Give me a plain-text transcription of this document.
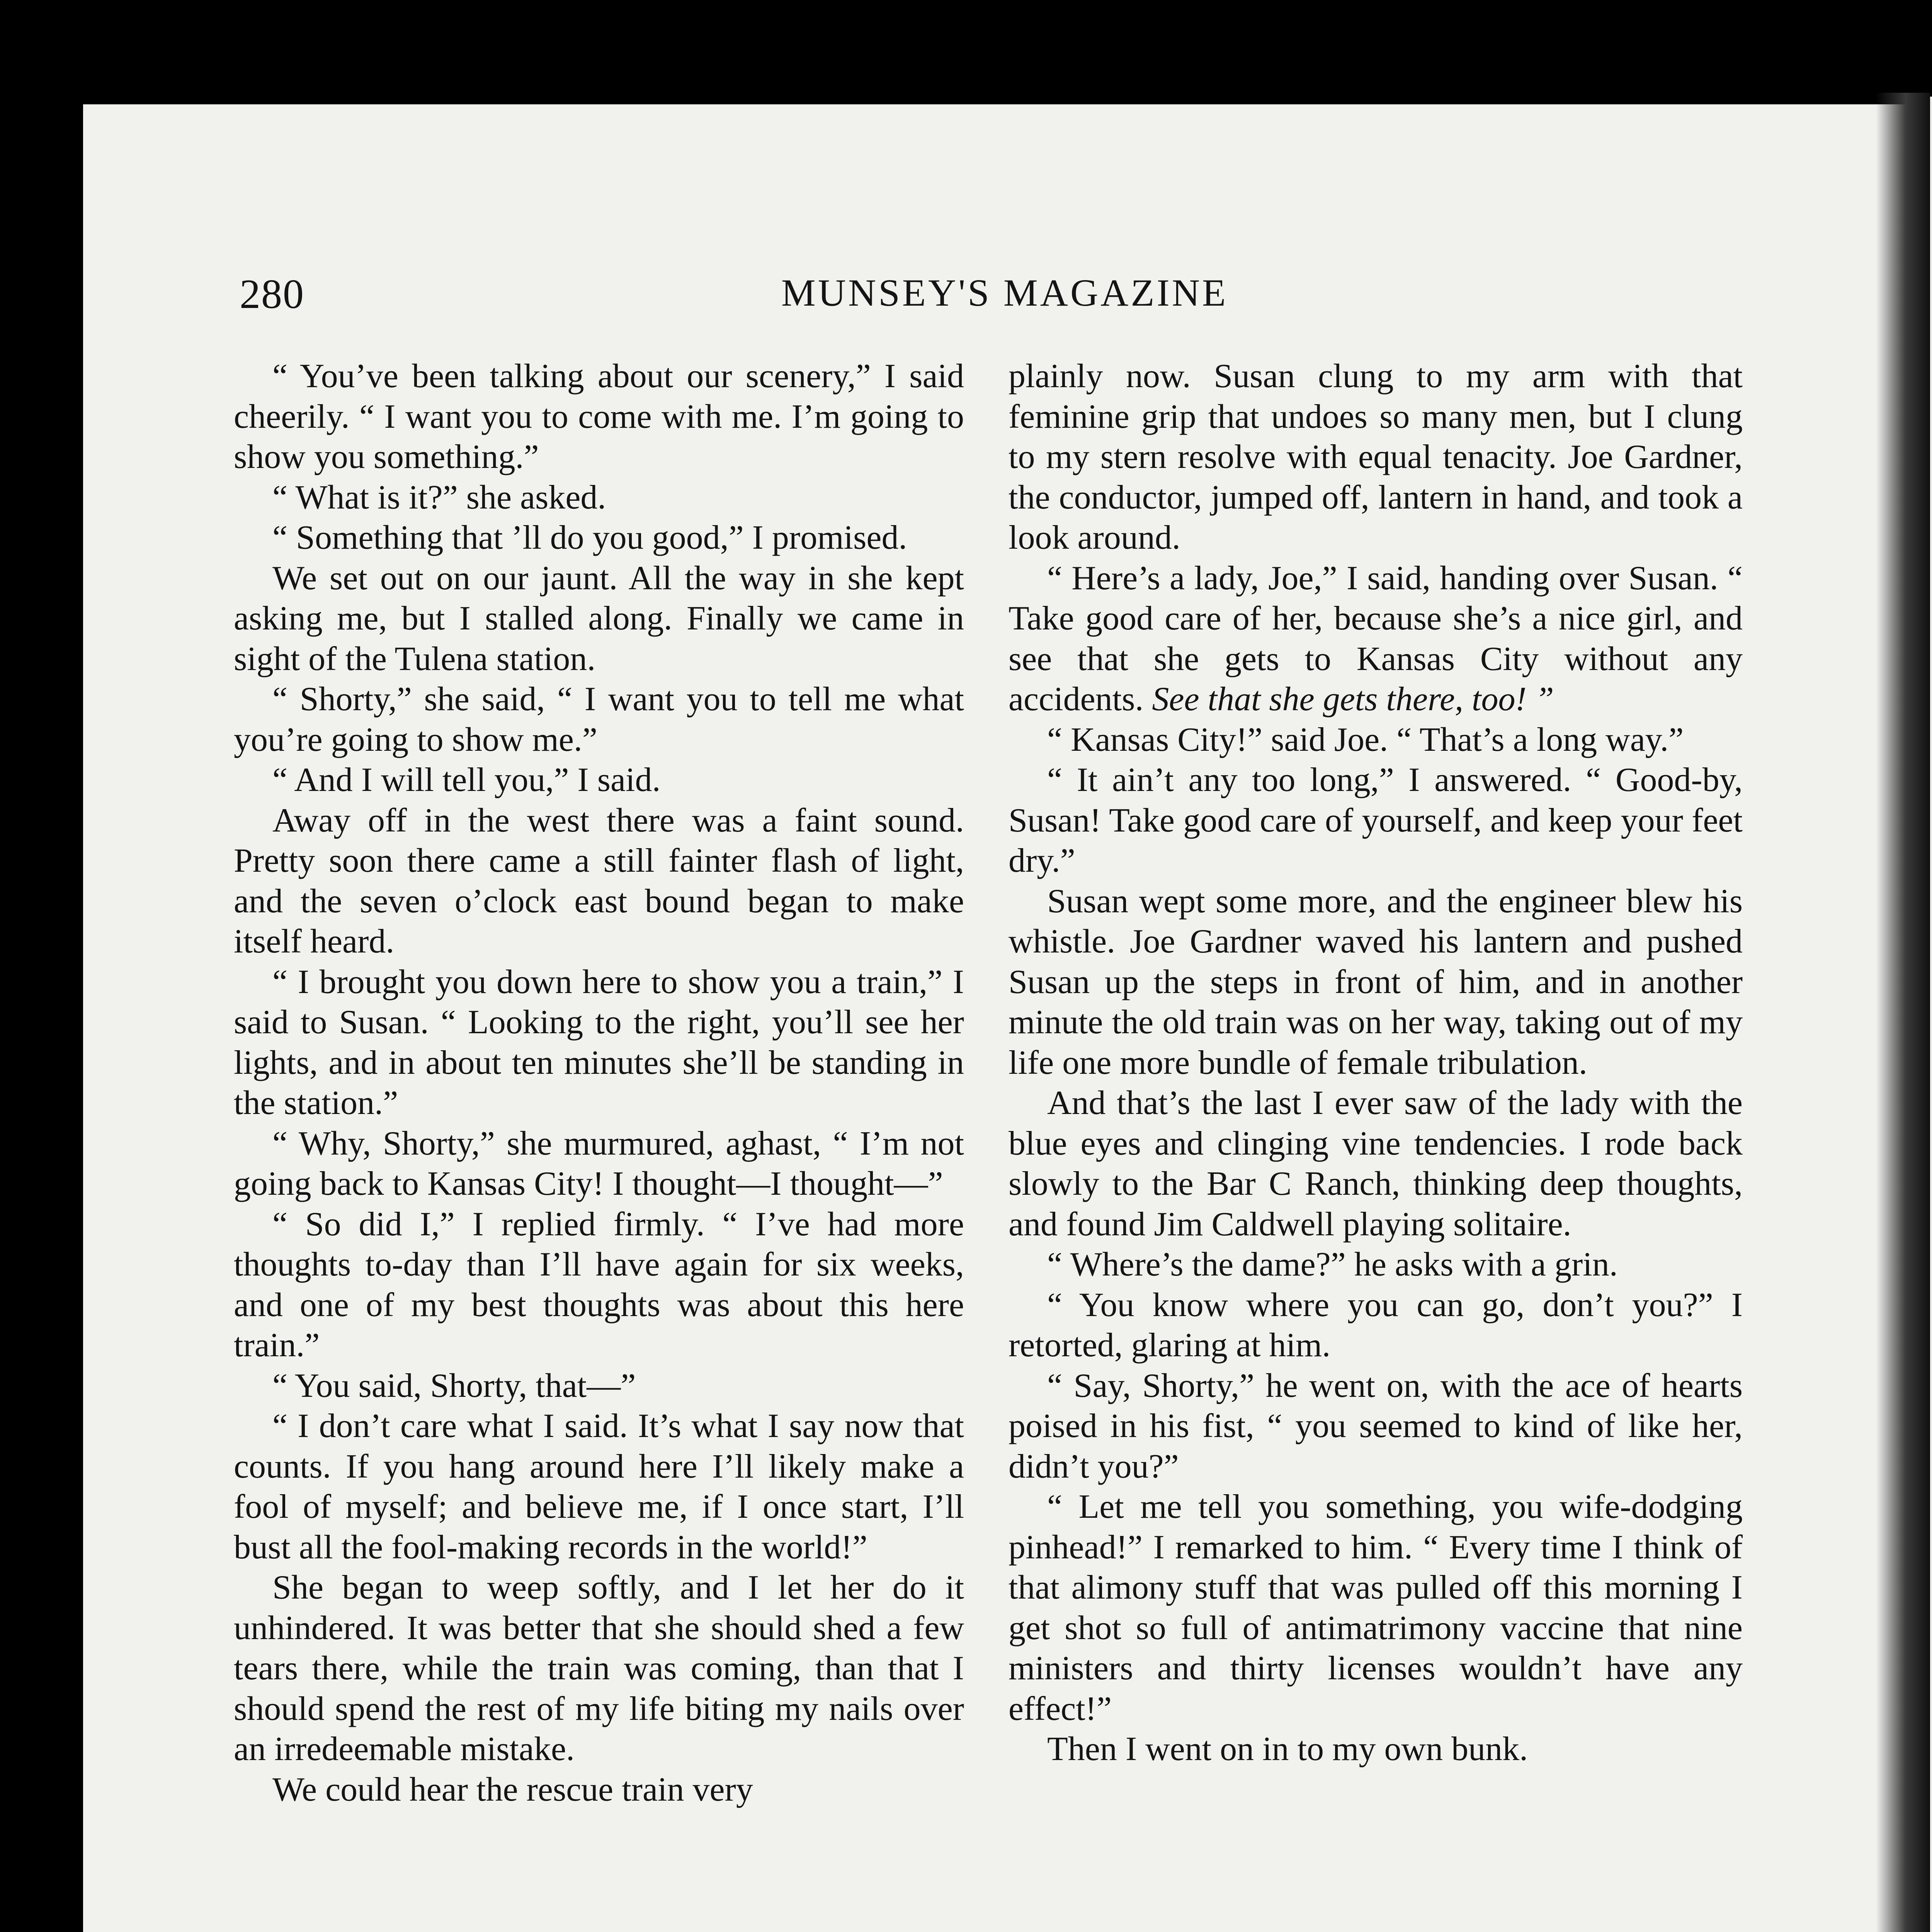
280	MUNSEY'S MAGAZINE

“ You’ve been talking about our scenery,” I said cheerily. “ I want you to come with me. I’m going to show you something.”

“ What is it?” she asked.

“ Something that ’ll do you good,” I promised.

We set out on our jaunt. All the way in she kept asking me, but I stalled along. Finally we came in sight of the Tulena station.

“ Shorty,” she said, “ I want you to tell me what you’re going to show me.”

“ And I will tell you,” I said.

Away off in the west there was a faint sound. Pretty soon there came a still fainter flash of light, and the seven o’clock east bound began to make itself heard.

“ I brought you down here to show you a train,” I said to Susan. “ Looking to the right, you’ll see her lights, and in about ten minutes she’ll be standing in the station.”

“ Why, Shorty,” she murmured, aghast, “ I’m not going back to Kansas City! I thought—I thought—”

“ So did I,” I replied firmly. “ I’ve had more thoughts to-day than I’ll have again for six weeks, and one of my best thoughts was about this here train.”

“ You said, Shorty, that—”

“ I don’t care what I said. It’s what I say now that counts. If you hang around here I’ll likely make a fool of myself; and believe me, if I once start, I’ll bust all the fool-making records in the world!”

She began to weep softly, and I let her do it unhindered. It was better that she should shed a few tears there, while the train was coming, than that I should spend the rest of my life biting my nails over an irredeemable mistake.

We could hear the rescue train very

plainly now. Susan clung to my arm with that feminine grip that undoes so many men, but I clung to my stern resolve with equal tenacity. Joe Gardner, the conductor, jumped off, lantern in hand, and took a look around.

“ Here’s a lady, Joe,” I said, handing over Susan. “ Take good care of her, because she’s a nice girl, and see that she gets to Kansas City without any accidents. See that she gets there, too! ”

“ Kansas City!” said Joe. “ That’s a long way.”

“ It ain’t any too long,” I answered. “ Good-by, Susan! Take good care of yourself, and keep your feet dry.”

Susan wept some more, and the engineer blew his whistle. Joe Gardner waved his lantern and pushed Susan up the steps in front of him, and in another minute the old train was on her way, taking out of my life one more bundle of female tribulation.

And that’s the last I ever saw of the lady with the blue eyes and clinging vine tendencies. I rode back slowly to the Bar C Ranch, thinking deep thoughts, and found Jim Caldwell playing solitaire.

“ Where’s the dame?” he asks with a grin.

“ You know where you can go, don’t you?” I retorted, glaring at him.

“ Say, Shorty,” he went on, with the ace of hearts poised in his fist, “ you seemed to kind of like her, didn’t you?”

“ Let me tell you something, you wife-dodging pinhead!” I remarked to him. “ Every time I think of that alimony stuff that was pulled off this morning I get shot so full of antimatrimony vaccine that nine ministers and thirty licenses wouldn’t have any effect!”

Then I went on in to my own bunk.
